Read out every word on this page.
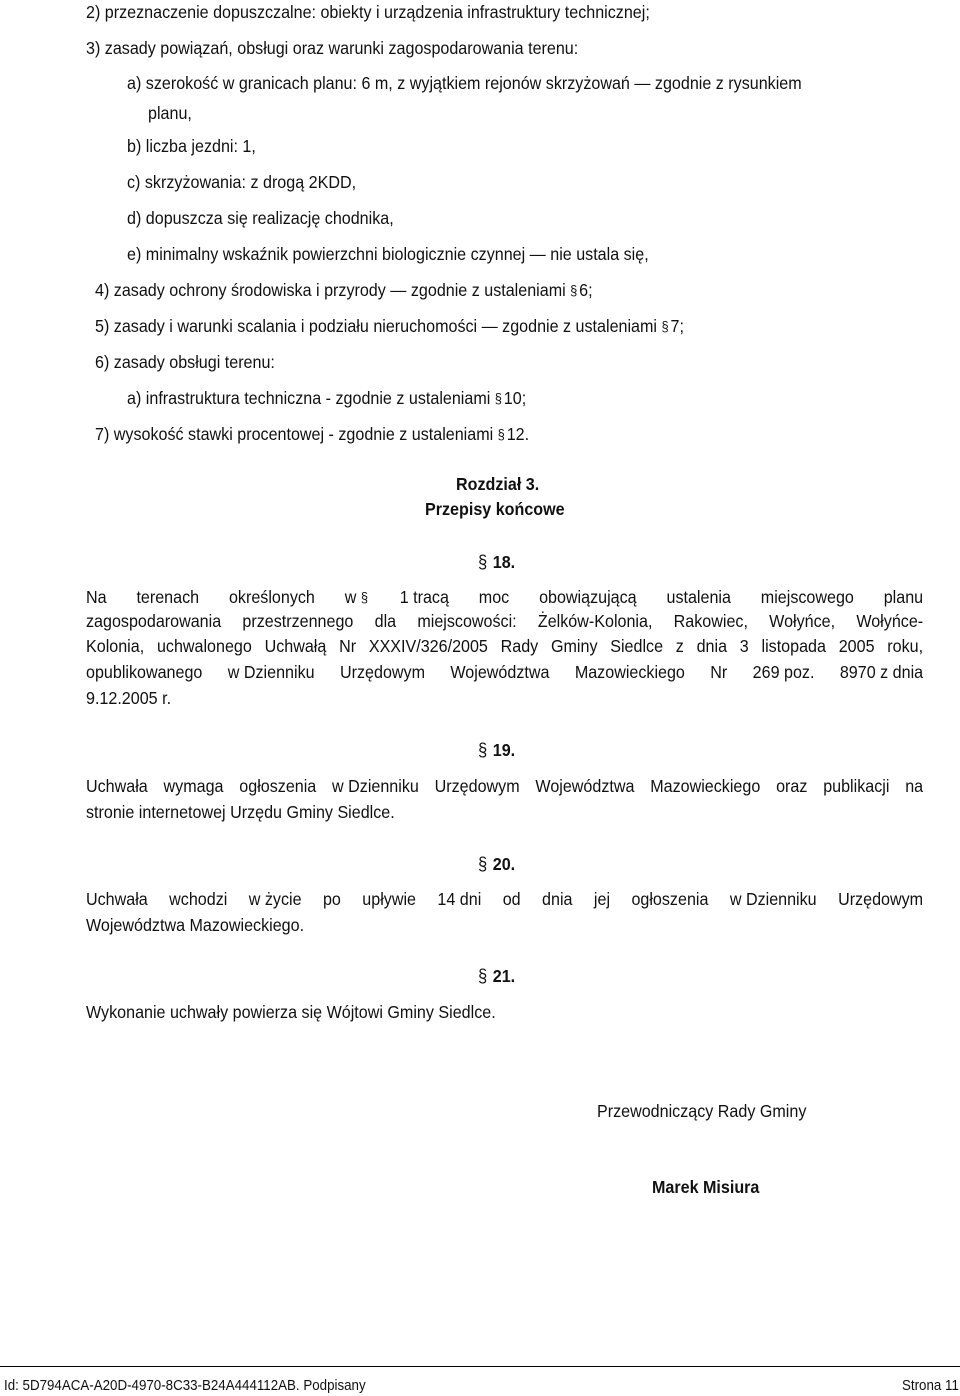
2) przeznaczenie dopuszczalne: obiekty i urządzenia infrastruktury technicznej;

3) zasady powiązań, obsługi oraz warunki zagospodarowania terenu:

a) szerokość w granicach planu: 6 m, z wyjątkiem rejonów skrzyżowań — zgodnie z rysunkiem

planu,

b) liczba jezdni: 1,

c) skrzyżowania: z drogą 2KDD,

d) dopuszcza się realizację chodnika,

e) minimalny wskaźnik powierzchni biologicznie czynnej — nie ustala się,

4) zasady ochrony środowiska i przyrody — zgodnie z ustaleniami § 6;

5) zasady i warunki scalania i podziału nieruchomości — zgodnie z ustaleniami § 7;

6) zasady obsługi terenu:

a) infrastruktura techniczna - zgodnie z ustaleniami § 10;

7) wysokość stawki procentowej - zgodnie z ustaleniami § 12.

Rozdział 3.

Przepisy końcowe

§ 18.
Na terenach określonych w § 1 tracą moc obowiązującą ustalenia miejscowego planu
zagospodarowania przestrzennego dla miejscowości: Żelków-Kolonia, Rakowiec, Wołyńce, Wołyńce-
Kolonia, uchwalonego Uchwałą Nr XXXIV/326/2005 Rady Gminy Siedlce z dnia 3 listopada 2005 roku,
opublikowanego w Dzienniku Urzędowym Województwa Mazowieckiego Nr 269 poz. 8970 z dnia

9.12.2005 r.

§ 19.
Uchwała wymaga ogłoszenia w Dzienniku Urzędowym Województwa Mazowieckiego oraz publikacji na

stronie internetowej Urzędu Gminy Siedlce.

§ 20.
Uchwała wchodzi w życie po upływie 14 dni od dnia jej ogłoszenia w Dzienniku Urzędowym

Województwa Mazowieckiego.

§ 21.

Wykonanie uchwały powierza się Wójtowi Gminy Siedlce.

Przewodniczący Rady Gminy

Marek Misiura

Id: 5D794ACA-A20D-4970-8C33-B24A444112AB. Podpisany	Strona 11
